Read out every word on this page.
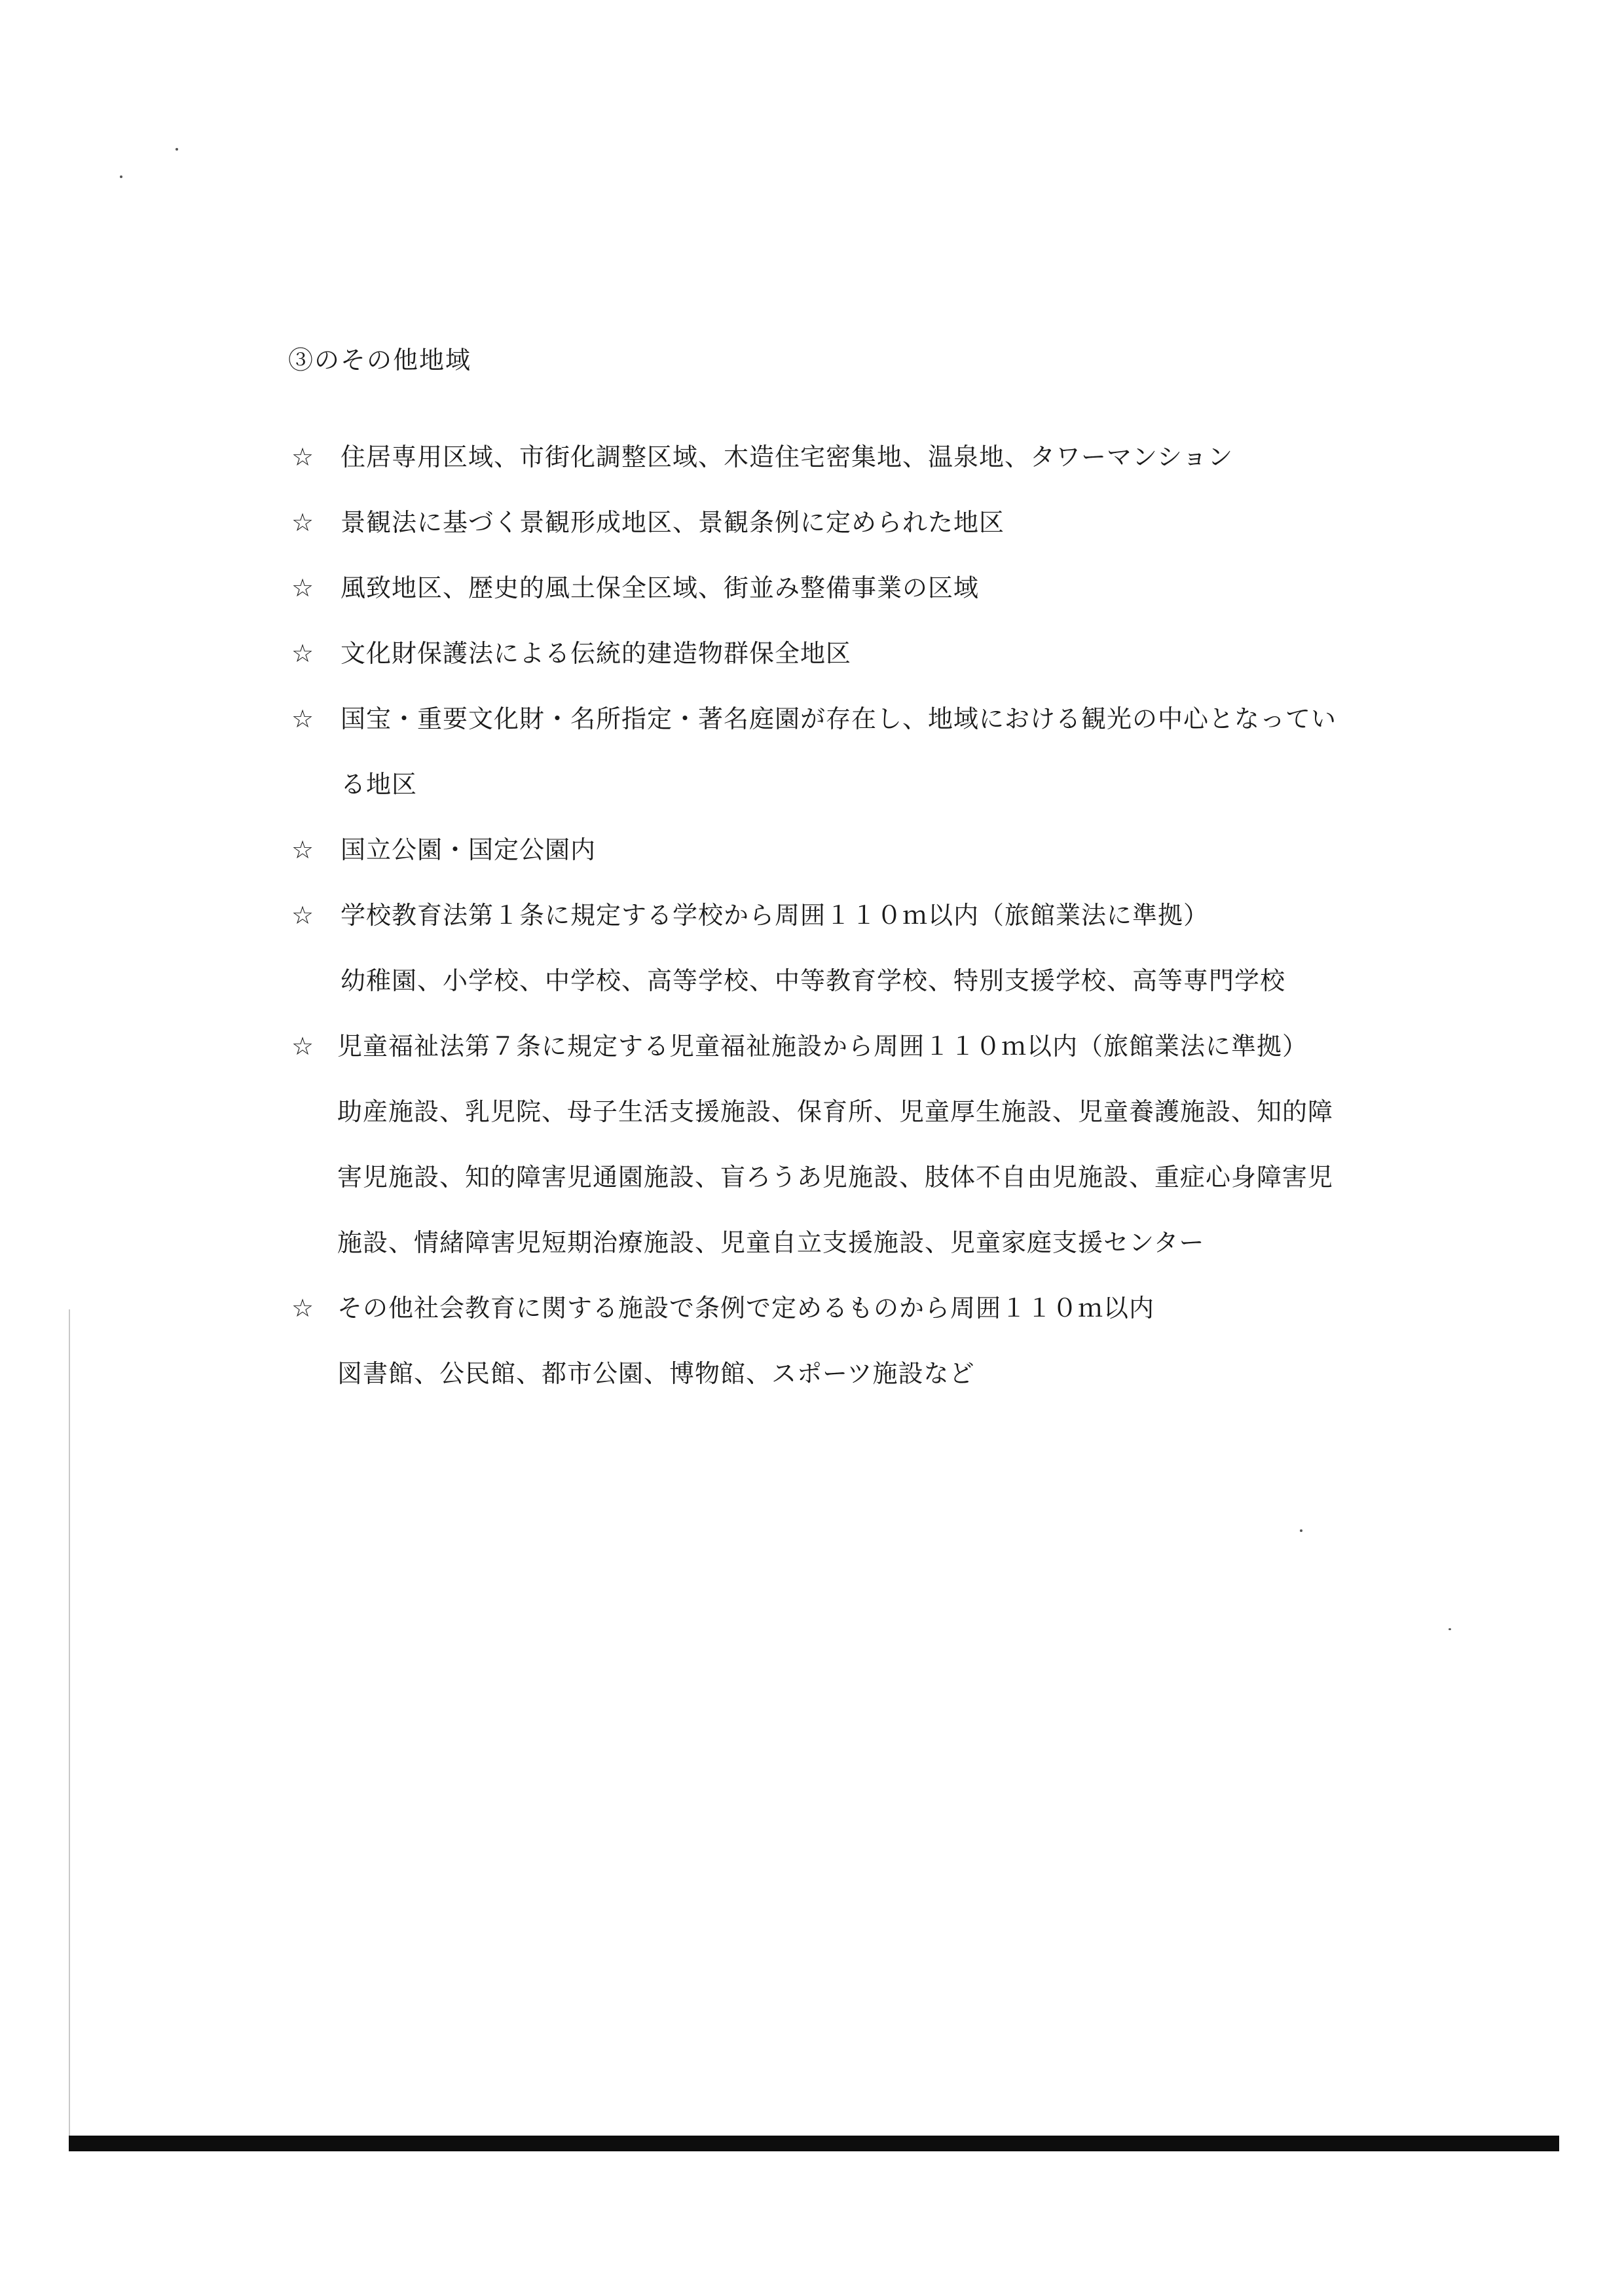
③のその他地域
☆	住居専用区域、市街化調整区域、木造住宅密集地、温泉地、タワーマンション
☆	景観法に基づく景観形成地区、景観条例に定められた地区
☆	風致地区、歴史的風土保全区域、街並み整備事業の区域
☆	文化財保護法による伝統的建造物群保全地区
☆	国宝・重要文化財・名所指定・著名庭園が存在し、地域における観光の中心となってい
る地区
☆	国立公園・国定公園内
☆	学校教育法第１条に規定する学校から周囲１１０ｍ以内（旅館業法に準拠）
幼稚園、小学校、中学校、高等学校、中等教育学校、特別支援学校、高等専門学校
☆ 児童福祉法第７条に規定する児童福祉施設から周囲１１０ｍ以内（旅館業法に準拠）
助産施設、乳児院、母子生活支援施設、保育所、児童厚生施設、児童養護施設、知的障
害児施設、知的障害児通園施設、盲ろうあ児施設、肢体不自由児施設、重症心身障害児
施設、情緒障害児短期治療施設、児童自立支援施設、児童家庭支援センター
☆ その他社会教育に関する施設で条例で定めるものから周囲１１０ｍ以内
図書館、公民館、都市公園、博物館、スポーツ施設など
